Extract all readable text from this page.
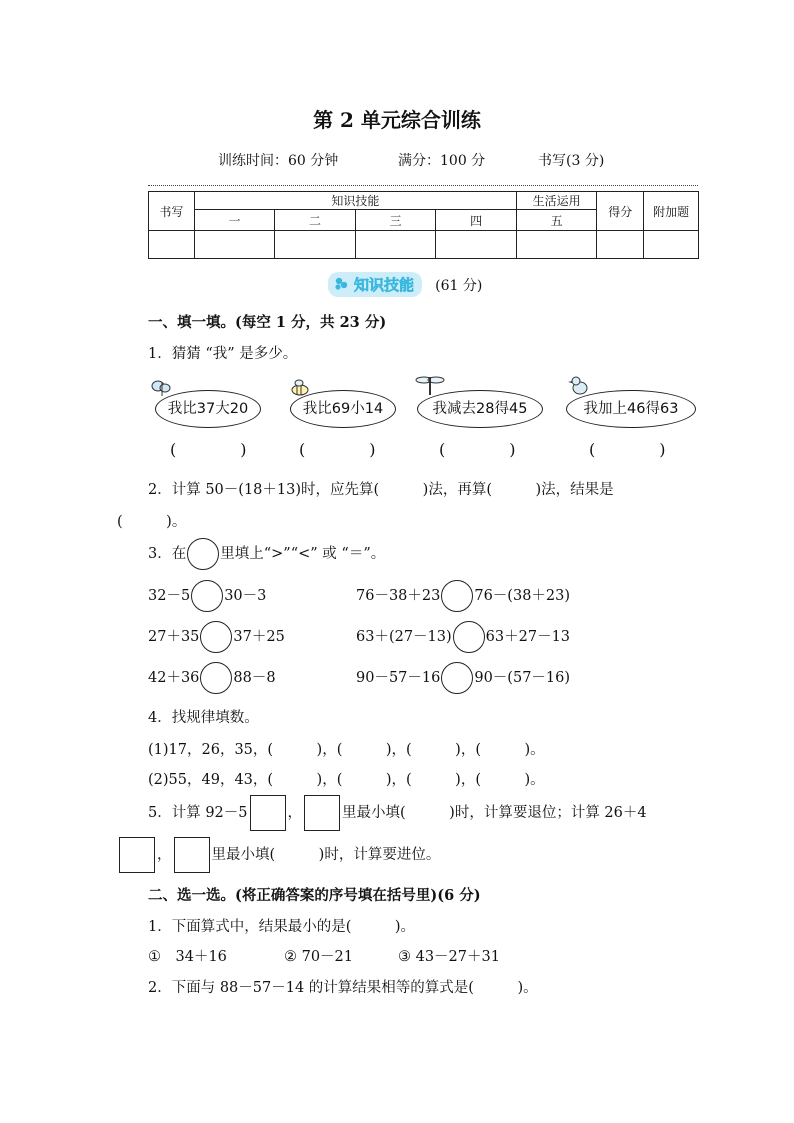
第 2 单元综合训练
训练时间：60 分钟	满分：100 分	书写(3 分)
书写	知识技能				生活运用	得分	附加题
	一	二	三	四	五		

知识技能 (61 分)
一、填一填。(每空 1 分，共 23 分)
1．猜猜 “我” 是多少。
我比37大20	我比69小14	我减去28得45	我加上46得63
(　　　　)	(　　　　)	(　　　　)	(　　　　)
2．计算 50－(18＋13)时，应先算(　　　)法，再算(　　　)法，结果是
(　　　)。
3．在 里填上“>”“<” 或 “＝”。
32－5 30－3	76－38＋23 76－(38＋23)
27＋35 37＋25	63＋(27－13) 63＋27－13
42＋36 88－8	90－57－16 90－(57－16)
4．找规律填数。
(1)17，26，35，(　　　)，(　　　)，(　　　)，(　　　)。
(2)55，49，43，(　　　)，(　　　)，(　　　)，(　　　)。
5．计算 92－5	，	里最小填(　　　)时，计算要退位；计算 26＋4
，	里最小填(　　　)时，计算要进位。
二、选一选。(将正确答案的序号填在括号里)(6 分)
1．下面算式中，结果最小的是(　　　)。
①　34＋16	② 70－21	③ 43－27＋31
2．下面与 88－57－14 的计算结果相等的算式是(　　　)。
